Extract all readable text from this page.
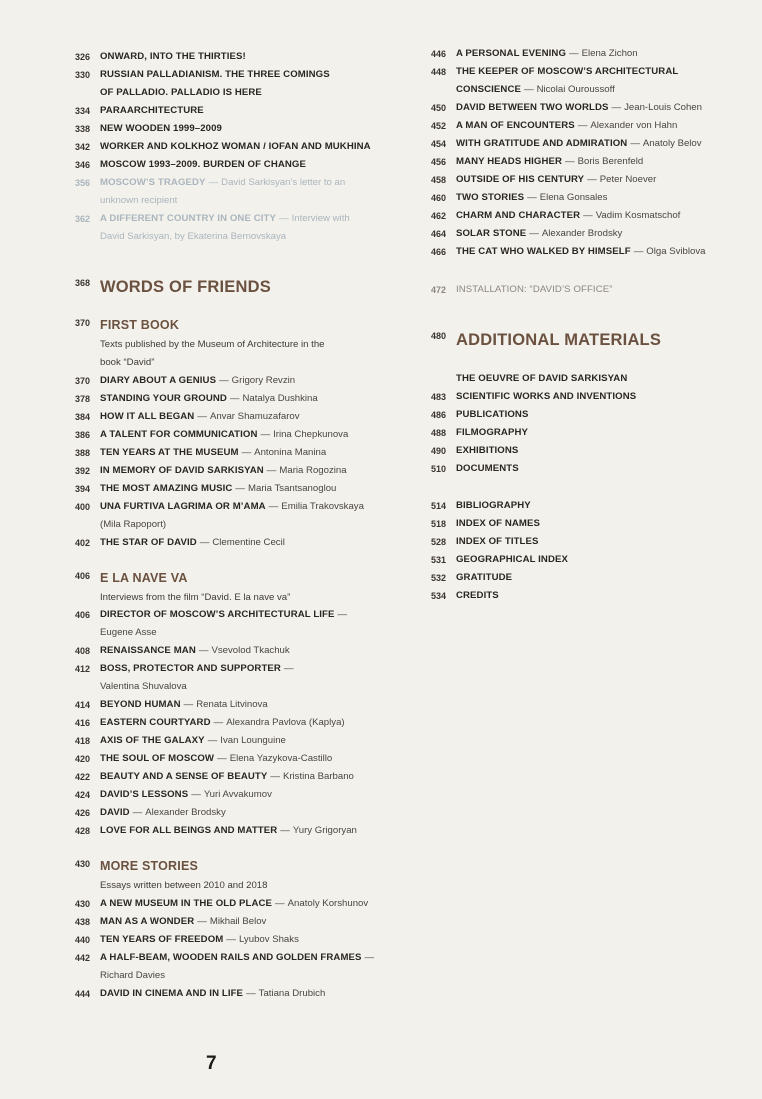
326 ONWARD, INTO THE THIRTIES!
330 RUSSIAN PALLADIANISM. THE THREE COMINGS
OF PALLADIO. PALLADIO IS HERE
334 PARAARCHITECTURE
338 NEW WOODEN 1999–2009
342 WORKER AND KOLKHOZ WOMAN / IOFAN AND MUKHINA
346 MOSCOW 1993–2009. BURDEN OF CHANGE
356 MOSCOW’S TRAGEDY — David Sarkisyan’s letter to an
unknown recipient
362 A DIFFERENT COUNTRY IN ONE CITY — Interview with
David Sarkisyan, by Ekaterina Bernovskaya
368 WORDS OF FRIENDS
370 FIRST BOOK
Texts published by the Museum of Architecture in the
book “David”
370 DIARY ABOUT A GENIUS — Grigory Revzin
378 STANDING YOUR GROUND — Natalya Dushkina
384 HOW IT ALL BEGAN — Anvar Shamuzafarov
386 A TALENT FOR COMMUNICATION — Irina Chepkunova
388 TEN YEARS AT THE MUSEUM — Antonina Manina
392 IN MEMORY OF DAVID SARKISYAN — Maria Rogozina
394 THE MOST AMAZING MUSIC — Maria Tsantsanoglou
400 UNA FURTIVA LAGRIMA OR M’AMA — Emilia Trakovskaya
(Mila Rapoport)
402 THE STAR OF DAVID — Clementine Cecil
406 E LA NAVE VA
Interviews from the film “David. E la nave va”
406 DIRECTOR OF MOSCOW’S ARCHITECTURAL LIFE —
Eugene Asse
408 RENAISSANCE MAN — Vsevolod Tkachuk
412 BOSS, PROTECTOR AND SUPPORTER —
Valentina Shuvalova
414 BEYOND HUMAN — Renata Litvinova
416 EASTERN COURTYARD — Alexandra Pavlova (Kaplya)
418 AXIS OF THE GALAXY — Ivan Lounguine
420 THE SOUL OF MOSCOW — Elena Yazykova-Castillo
422 BEAUTY AND A SENSE OF BEAUTY — Kristina Barbano
424 DAVID’S LESSONS — Yuri Avvakumov
426 DAVID — Alexander Brodsky
428 LOVE FOR ALL BEINGS AND MATTER — Yury Grigoryan
430 MORE STORIES
Essays written between 2010 and 2018
430 A NEW MUSEUM IN THE OLD PLACE — Anatoly Korshunov
438 MAN AS A WONDER — Mikhail Belov
440 TEN YEARS OF FREEDOM — Lyubov Shaks
442 A HALF-BEAM, WOODEN RAILS AND GOLDEN FRAMES —
Richard Davies
444 DAVID IN CINEMA AND IN LIFE — Tatiana Drubich
446 A PERSONAL EVENING — Elena Zichon
448 THE KEEPER OF MOSCOW’S ARCHITECTURAL
CONSCIENCE — Nicolai Ouroussoff
450 DAVID BETWEEN TWO WORLDS — Jean-Louis Cohen
452 A MAN OF ENCOUNTERS — Alexander von Hahn
454 WITH GRATITUDE AND ADMIRATION — Anatoly Belov
456 MANY HEADS HIGHER — Boris Berenfeld
458 OUTSIDE OF HIS CENTURY — Peter Noever
460 TWO STORIES — Elena Gonsales
462 CHARM AND CHARACTER — Vadim Kosmatschof
464 SOLAR STONE — Alexander Brodsky
466 THE CAT WHO WALKED BY HIMSELF — Olga Sviblova
472 INSTALLATION: “DAVID’S OFFICE”
480 ADDITIONAL MATERIALS
THE OEUVRE OF DAVID SARKISYAN
483 SCIENTIFIC WORKS AND INVENTIONS
486 PUBLICATIONS
488 FILMOGRAPHY
490 EXHIBITIONS
510 DOCUMENTS
514 BIBLIOGRAPHY
518 INDEX OF NAMES
528 INDEX OF TITLES
531 GEOGRAPHICAL INDEX
532 GRATITUDE
534 CREDITS
7
